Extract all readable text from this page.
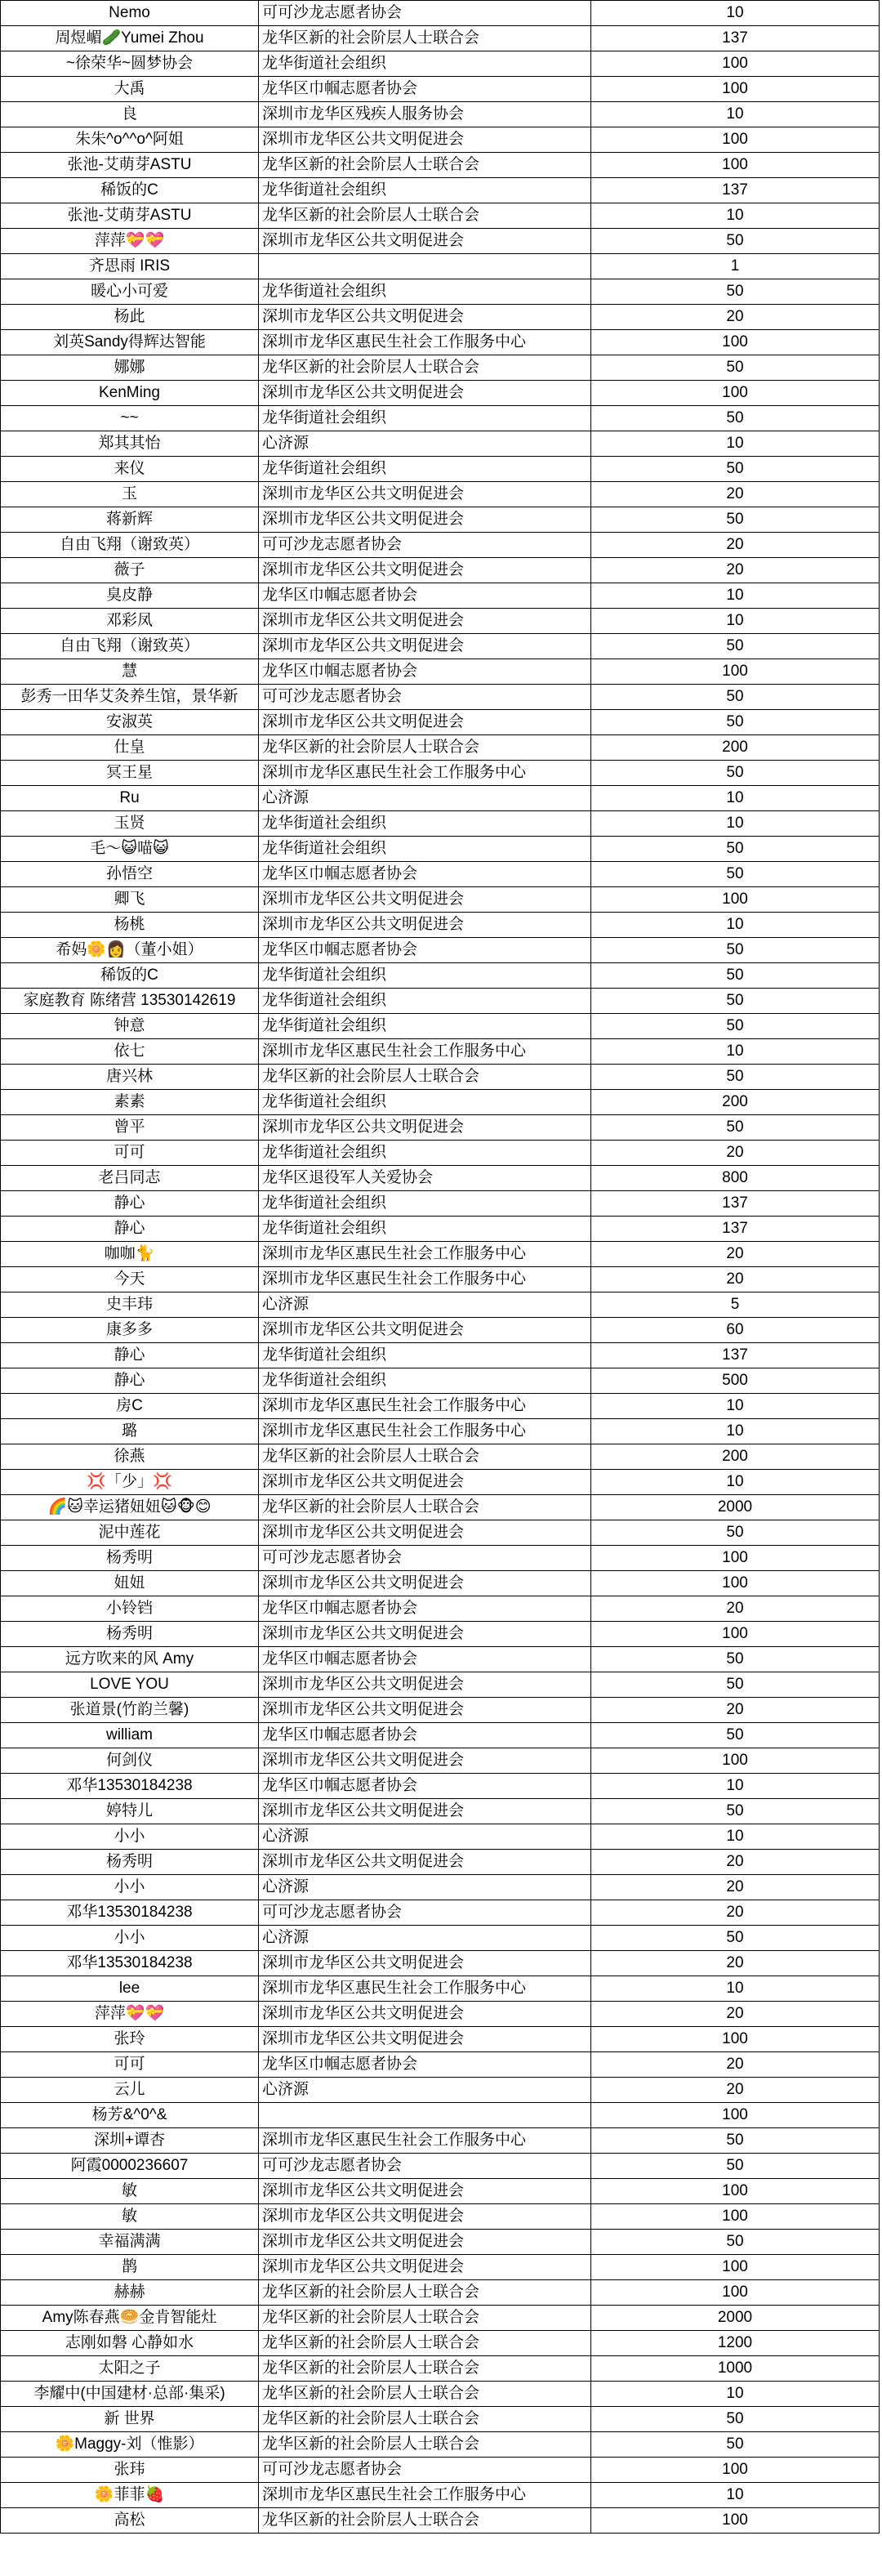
Nemo	可可沙龙志愿者协会	10
周煜嵋🥒Yumei Zhou	龙华区新的社会阶层人士联合会	137
~徐荣华~圆梦协会	龙华街道社会组织	100
大禹	龙华区巾帼志愿者协会	100
良	深圳市龙华区残疾人服务协会	10
朱朱^o^^o^阿姐	深圳市龙华区公共文明促进会	100
张池-艾萌芽ASTU	龙华区新的社会阶层人士联合会	100
稀饭的C	龙华街道社会组织	137
张池-艾萌芽ASTU	龙华区新的社会阶层人士联合会	10
萍萍💝💝	深圳市龙华区公共文明促进会	50
齐思雨 IRIS		1
暖心小可爱	龙华街道社会组织	50
杨此	深圳市龙华区公共文明促进会	20
刘英Sandy得辉达智能	深圳市龙华区惠民生社会工作服务中心	100
娜娜	龙华区新的社会阶层人士联合会	50
KenMing	深圳市龙华区公共文明促进会	100
~~	龙华街道社会组织	50
郑其其怡	心济源	10
来仪	龙华街道社会组织	50
玉	深圳市龙华区公共文明促进会	20
蒋新辉	深圳市龙华区公共文明促进会	50
自由飞翔（谢致英）	可可沙龙志愿者协会	20
薇子	深圳市龙华区公共文明促进会	20
臭皮静	龙华区巾帼志愿者协会	10
邓彩凤	深圳市龙华区公共文明促进会	10
自由飞翔（谢致英）	深圳市龙华区公共文明促进会	50
慧	龙华区巾帼志愿者协会	100
彭秀一田华艾灸养生馆，景华新	可可沙龙志愿者协会	50
安淑英	深圳市龙华区公共文明促进会	50
仕皇	龙华区新的社会阶层人士联合会	200
冥王星	深圳市龙华区惠民生社会工作服务中心	50
Ru	心济源	10
玉贤	龙华街道社会组织	10
毛～😺喵😺	龙华街道社会组织	50
孙悟空	龙华区巾帼志愿者协会	50
卿飞	深圳市龙华区公共文明促进会	100
杨桃	深圳市龙华区公共文明促进会	10
希妈🌼👩（董小姐）	龙华区巾帼志愿者协会	50
稀饭的C	龙华街道社会组织	50
家庭教育 陈绪营 13530142619	龙华街道社会组织	50
钟意	龙华街道社会组织	50
依七	深圳市龙华区惠民生社会工作服务中心	10
唐兴林	龙华区新的社会阶层人士联合会	50
素素	龙华街道社会组织	200
曾平	深圳市龙华区公共文明促进会	50
可可	龙华街道社会组织	20
老吕同志	龙华区退役军人关爱协会	800
静心	龙华街道社会组织	137
静心	龙华街道社会组织	137
咖咖🐈	深圳市龙华区惠民生社会工作服务中心	20
今天	深圳市龙华区惠民生社会工作服务中心	20
史丰玮	心济源	5
康多多	深圳市龙华区公共文明促进会	60
静心	龙华街道社会组织	137
静心	龙华街道社会组织	500
房C	深圳市龙华区惠民生社会工作服务中心	10
璐	深圳市龙华区惠民生社会工作服务中心	10
徐燕	龙华区新的社会阶层人士联合会	200
💢「少」💢	深圳市龙华区公共文明促进会	10
🌈🐱幸运猪妞妞🐱🐵😊	龙华区新的社会阶层人士联合会	2000
泥中莲花	深圳市龙华区公共文明促进会	50
杨秀明	可可沙龙志愿者协会	100
妞妞	深圳市龙华区公共文明促进会	100
小铃铛	龙华区巾帼志愿者协会	20
杨秀明	深圳市龙华区公共文明促进会	100
远方吹来的风 Amy	龙华区巾帼志愿者协会	50
LOVE YOU	深圳市龙华区公共文明促进会	50
张道景(竹韵兰馨)	深圳市龙华区公共文明促进会	20
william	龙华区巾帼志愿者协会	50
何剑仪	深圳市龙华区公共文明促进会	100
邓华13530184238	龙华区巾帼志愿者协会	10
婷特儿	深圳市龙华区公共文明促进会	50
小小	心济源	10
杨秀明	深圳市龙华区公共文明促进会	20
小小	心济源	20
邓华13530184238	可可沙龙志愿者协会	20
小小	心济源	50
邓华13530184238	深圳市龙华区公共文明促进会	20
lee	深圳市龙华区惠民生社会工作服务中心	10
萍萍💝💝	深圳市龙华区公共文明促进会	20
张玲	深圳市龙华区公共文明促进会	100
可可	龙华区巾帼志愿者协会	20
云儿	心济源	20
杨芳&^0^&		100
深圳+谭杏	深圳市龙华区惠民生社会工作服务中心	50
阿霞0000236607	可可沙龙志愿者协会	50
敏	深圳市龙华区公共文明促进会	100
敏	深圳市龙华区公共文明促进会	100
幸福满满	深圳市龙华区公共文明促进会	50
鹊	深圳市龙华区公共文明促进会	100
赫赫	龙华区新的社会阶层人士联合会	100
Amy陈春燕🥯金肯智能灶	龙华区新的社会阶层人士联合会	2000
志刚如磐 心静如水	龙华区新的社会阶层人士联合会	1200
太阳之子	龙华区新的社会阶层人士联合会	1000
李耀中(中国建材·总部·集采)	龙华区新的社会阶层人士联合会	10
新 世界	龙华区新的社会阶层人士联合会	50
🌼Maggy-刘（惟影）	龙华区新的社会阶层人士联合会	50
张玮	可可沙龙志愿者协会	100
🌼菲菲🍓	深圳市龙华区惠民生社会工作服务中心	10
高松	龙华区新的社会阶层人士联合会	100
